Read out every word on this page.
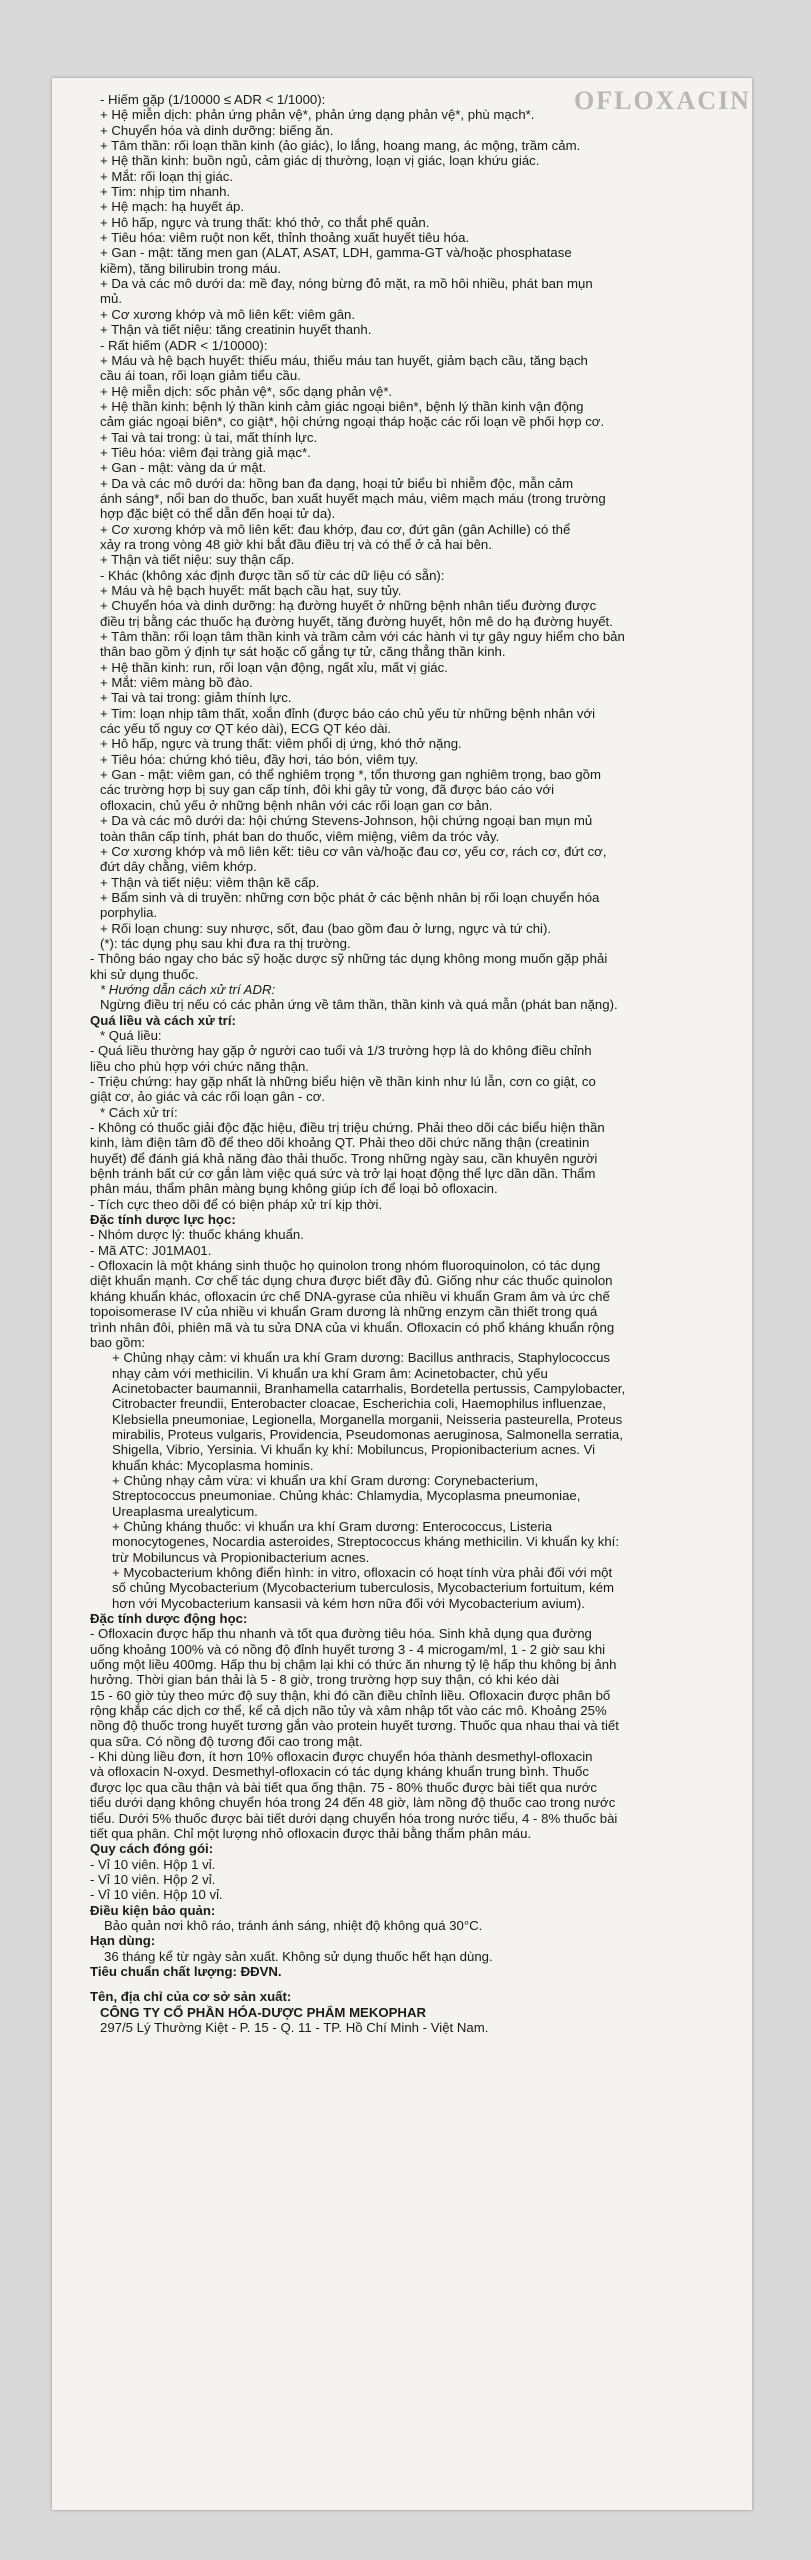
OFLOXACIN

- Hiếm gặp (1/10000 ≤ ADR < 1/1000):

+ Hệ miễn dịch: phản ứng phản vệ*, phản ứng dạng phản vệ*, phù mạch*.

+ Chuyển hóa và dinh dưỡng: biếng ăn.

+ Tâm thần: rối loạn thần kinh (ảo giác), lo lắng, hoang mang, ác mộng, trầm cảm.

+ Hệ thần kinh: buồn ngủ, cảm giác dị thường, loạn vị giác, loạn khứu giác.

+ Mắt: rối loạn thị giác.

+ Tim: nhịp tim nhanh.

+ Hệ mạch: hạ huyết áp.

+ Hô hấp, ngực và trung thất: khó thở, co thắt phế quản.

+ Tiêu hóa: viêm ruột non kết, thỉnh thoảng xuất huyết tiêu hóa.

+ Gan - mật: tăng men gan (ALAT, ASAT, LDH, gamma-GT và/hoặc phosphatase

kiềm), tăng bilirubin trong máu.

+ Da và các mô dưới da: mề đay, nóng bừng đỏ mặt, ra mồ hôi nhiều, phát ban mụn

mủ.

+ Cơ xương khớp và mô liên kết: viêm gân.

+ Thận và tiết niệu: tăng creatinin huyết thanh.

- Rất hiếm (ADR < 1/10000):

+ Máu và hệ bạch huyết: thiếu máu, thiếu máu tan huyết, giảm bạch cầu, tăng bạch

cầu ái toan, rối loạn giảm tiểu cầu.

+ Hệ miễn dịch: sốc phản vệ*, sốc dạng phản vệ*.

+ Hệ thần kinh: bệnh lý thần kinh cảm giác ngoại biên*, bệnh lý thần kinh vận động

cảm giác ngoại biên*, co giật*, hội chứng ngoại tháp hoặc các rối loạn về phối hợp cơ.

+ Tai và tai trong: ù tai, mất thính lực.

+ Tiêu hóa: viêm đại tràng giả mạc*.

+ Gan - mật: vàng da ứ mật.

+ Da và các mô dưới da: hồng ban đa dạng, hoại tử biểu bì nhiễm độc, mẫn cảm

ánh sáng*, nổi ban do thuốc, ban xuất huyết mạch máu, viêm mạch máu (trong trường

hợp đặc biệt có thể dẫn đến hoại tử da).

+ Cơ xương khớp và mô liên kết: đau khớp, đau cơ, đứt gân (gân Achille) có thể

xảy ra trong vòng 48 giờ khi bắt đầu điều trị và có thể ở cả hai bên.

+ Thận và tiết niệu: suy thận cấp.

- Khác (không xác định được tần số từ các dữ liệu có sẵn):

+ Máu và hệ bạch huyết: mất bạch cầu hạt, suy tủy.

+ Chuyển hóa và dinh dưỡng: hạ đường huyết ở những bệnh nhân tiểu đường được

điều trị bằng các thuốc hạ đường huyết, tăng đường huyết, hôn mê do hạ đường huyết.

+ Tâm thần: rối loạn tâm thần kinh và trầm cảm với các hành vi tự gây nguy hiểm cho bản

thân bao gồm ý định tự sát hoặc cố gắng tự tử, căng thẳng thần kinh.

+ Hệ thần kinh: run, rối loạn vận động, ngất xỉu, mất vị giác.

+ Mắt: viêm màng bồ đào.

+ Tai và tai trong: giảm thính lực.

+ Tim: loạn nhịp tâm thất, xoắn đỉnh (được báo cáo chủ yếu từ những bệnh nhân với

các yếu tố nguy cơ QT kéo dài), ECG QT kéo dài.

+ Hô hấp, ngực và trung thất: viêm phổi dị ứng, khó thở nặng.

+ Tiêu hóa: chứng khó tiêu, đầy hơi, táo bón, viêm tụy.

+ Gan - mật: viêm gan, có thể nghiêm trọng *, tổn thương gan nghiêm trọng, bao gồm

các trường hợp bị suy gan cấp tính, đôi khi gây tử vong, đã được báo cáo với

ofloxacin, chủ yếu ở những bệnh nhân với các rối loạn gan cơ bản.

+ Da và các mô dưới da: hội chứng Stevens-Johnson, hội chứng ngoại ban mụn mủ

toàn thân cấp tính, phát ban do thuốc, viêm miệng, viêm da tróc vảy.

+ Cơ xương khớp và mô liên kết: tiêu cơ vân và/hoặc đau cơ, yếu cơ, rách cơ, đứt cơ,

đứt dây chằng, viêm khớp.

+ Thận và tiết niệu: viêm thận kẽ cấp.

+ Bẩm sinh và di truyền: những cơn bộc phát ở các bệnh nhân bị rối loạn chuyển hóa

porphylia.

+ Rối loạn chung: suy nhược, sốt, đau (bao gồm đau ở lưng, ngực và tứ chi).

(*): tác dụng phụ sau khi đưa ra thị trường.

- Thông báo ngay cho bác sỹ hoặc dược sỹ những tác dụng không mong muốn gặp phải

khi sử dụng thuốc.

* Hướng dẫn cách xử trí ADR:

Ngừng điều trị nếu có các phản ứng về tâm thần, thần kinh và quá mẫn (phát ban nặng).

Quá liều và cách xử trí:

* Quá liều:

- Quá liều thường hay gặp ở người cao tuổi và 1/3 trường hợp là do không điều chỉnh

liều cho phù hợp với chức năng thận.

- Triệu chứng: hay gặp nhất là những biểu hiện về thần kinh như lú lẫn, cơn co giật, co

giật cơ, ảo giác và các rối loạn gân - cơ.

* Cách xử trí:

- Không có thuốc giải độc đặc hiệu, điều trị triệu chứng. Phải theo dõi các biểu hiện thần

kinh, làm điện tâm đồ để theo dõi khoảng QT. Phải theo dõi chức năng thận (creatinin

huyết) để đánh giá khả năng đào thải thuốc. Trong những ngày sau, cần khuyên người

bệnh tránh bất cứ cơ gắn làm việc quá sức và trở lại hoạt động thể lực dần dần. Thẩm

phân máu, thẩm phân màng bụng không giúp ích để loại bỏ ofloxacin.

- Tích cực theo dõi để có biện pháp xử trí kịp thời.

Đặc tính dược lực học:

- Nhóm dược lý: thuốc kháng khuẩn.

- Mã ATC: J01MA01.

- Ofloxacin là một kháng sinh thuộc họ quinolon trong nhóm fluoroquinolon, có tác dụng

diệt khuẩn mạnh. Cơ chế tác dụng chưa được biết đầy đủ. Giống như các thuốc quinolon

kháng khuẩn khác, ofloxacin ức chế DNA-gyrase của nhiều vi khuẩn Gram âm và ức chế

topoisomerase IV của nhiều vi khuẩn Gram dương là những enzym cần thiết trong quá

trình nhân đôi, phiên mã và tu sửa DNA của vi khuẩn. Ofloxacin có phổ kháng khuẩn rộng

bao gồm:

+ Chủng nhạy cảm: vi khuẩn ưa khí Gram dương: Bacillus anthracis, Staphylococcus

nhạy cảm với methicilin. Vi khuẩn ưa khí Gram âm: Acinetobacter, chủ yếu

Acinetobacter baumannii, Branhamella catarrhalis, Bordetella pertussis, Campylobacter,

Citrobacter freundii, Enterobacter cloacae, Escherichia coli, Haemophilus influenzae,

Klebsiella pneumoniae, Legionella, Morganella morganii, Neisseria pasteurella, Proteus

mirabilis, Proteus vulgaris, Providencia, Pseudomonas aeruginosa, Salmonella serratia,

Shigella, Vibrio, Yersinia. Vi khuẩn kỵ khí: Mobiluncus, Propionibacterium acnes. Vi

khuẩn khác: Mycoplasma hominis.

+ Chủng nhạy cảm vừa: vi khuẩn ưa khí Gram dương: Corynebacterium,

Streptococcus pneumoniae. Chủng khác: Chlamydia, Mycoplasma pneumoniae,

Ureaplasma urealyticum.

+ Chủng kháng thuốc: vi khuẩn ưa khí Gram dương: Enterococcus, Listeria

monocytogenes, Nocardia asteroides, Streptococcus kháng methicilin. Vi khuẩn kỵ khí:

trừ Mobiluncus và Propionibacterium acnes.

+ Mycobacterium không điển hình: in vitro, ofloxacin có hoạt tính vừa phải đối với một

số chủng Mycobacterium (Mycobacterium tuberculosis, Mycobacterium fortuitum, kém

hơn với Mycobacterium kansasii và kém hơn nữa đối với Mycobacterium avium).

Đặc tính dược động học:

- Ofloxacin được hấp thu nhanh và tốt qua đường tiêu hóa. Sinh khả dụng qua đường

uống khoảng 100% và có nồng độ đỉnh huyết tương 3 - 4 microgam/ml, 1 - 2 giờ sau khi

uống một liều 400mg. Hấp thu bị chậm lại khi có thức ăn nhưng tỷ lệ hấp thu không bị ảnh

hưởng. Thời gian bán thải là 5 - 8 giờ, trong trường hợp suy thận, có khi kéo dài

15 - 60 giờ tùy theo mức độ suy thận, khi đó cần điều chỉnh liều. Ofloxacin được phân bố

rộng khắp các dịch cơ thể, kể cả dịch não tủy và xâm nhập tốt vào các mô. Khoảng 25%

nồng độ thuốc trong huyết tương gắn vào protein huyết tương. Thuốc qua nhau thai và tiết

qua sữa. Có nồng độ tương đối cao trong mật.

- Khi dùng liều đơn, ít hơn 10% ofloxacin được chuyển hóa thành desmethyl-ofloxacin

và ofloxacin N-oxyd. Desmethyl-ofloxacin có tác dụng kháng khuẩn trung bình. Thuốc

được lọc qua cầu thận và bài tiết qua ống thận. 75 - 80% thuốc được bài tiết qua nước

tiểu dưới dạng không chuyển hóa trong 24 đến 48 giờ, làm nồng độ thuốc cao trong nước

tiểu. Dưới 5% thuốc được bài tiết dưới dạng chuyển hóa trong nước tiểu, 4 - 8% thuốc bài

tiết qua phân. Chỉ một lượng nhỏ ofloxacin được thải bằng thẩm phân máu.

Quy cách đóng gói:

- Vỉ 10 viên. Hộp 1 vỉ.

- Vỉ 10 viên. Hộp 2 vỉ.

- Vỉ 10 viên. Hộp 10 vỉ.

Điều kiện bảo quản:

Bảo quản nơi khô ráo, tránh ánh sáng, nhiệt độ không quá 30°C.

Hạn dùng:

36 tháng kể từ ngày sản xuất. Không sử dụng thuốc hết hạn dùng.

Tiêu chuẩn chất lượng: ĐĐVN.

Tên, địa chỉ của cơ sở sản xuất:

CÔNG TY CỔ PHẦN HÓA-DƯỢC PHẨM MEKOPHAR

297/5 Lý Thường Kiệt - P. 15 - Q. 11 - TP. Hồ Chí Minh - Việt Nam.
